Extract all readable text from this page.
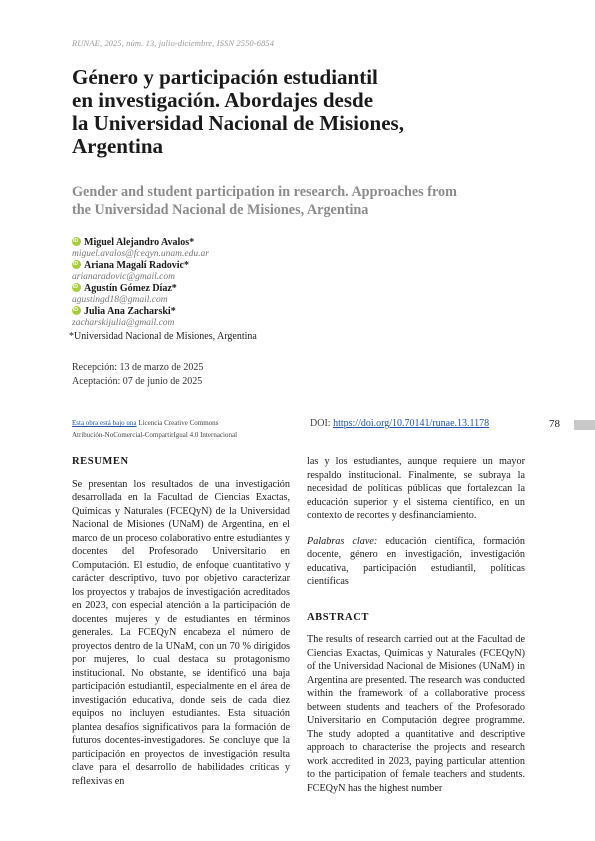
RUNAE, 2025, núm. 13, julio-diciembre, ISSN 2550-6854
Género y participación estudiantil
en investigación. Abordajes desde
la Universidad Nacional de Misiones,
Argentina
Gender and student participation in research. Approaches from
the Universidad Nacional de Misiones, Argentina
iDMiguel Alejandro Avalos*
miguel.avalos@fceqyn.unam.edu.ar
iDAriana Magalí Radovic*
arianaradovic@gmail.com
iDAgustín Gómez Díaz*
agustingd18@gmail.com
iDJulia Ana Zacharski*
zacharskijulia@gmail.com
*Universidad Nacional de Misiones, Argentina
Recepción: 13 de marzo de 2025
Aceptación: 07 de junio de 2025
Esta obra está bajo una Licencia Creative Commons
Atribución-NoComercial-CompartirIgual 4.0 Internacional
DOI: https://doi.org/10.70141/runae.13.1178	78
RESUMEN

Se presentan los resultados de una investigación desarrollada en la Facultad de Ciencias Exactas, Químicas y Naturales (FCEQyN) de la Universidad Nacional de Misiones (UNaM) de Argentina, en el marco de un proceso colaborativo entre estudiantes y docentes del Profesorado Universitario en Computación. El estudio, de enfoque cuantitativo y carácter descriptivo, tuvo por objetivo caracterizar los proyectos y trabajos de investigación acreditados en 2023, con especial atención a la participación de docentes mujeres y de estudiantes en términos generales. La FCEQyN encabeza el número de proyectos dentro de la UNaM, con un 70 % dirigidos por mujeres, lo cual destaca su protagonismo institucional. No obstante, se identificó una baja participación estudiantil, especialmente en el área de investigación educativa, donde seis de cada diez equipos no incluyen estudiantes. Esta situación plantea desafíos significativos para la formación de futuros docentes-investigadores. Se concluye que la participación en proyectos de investigación resulta clave para el desarrollo de habilidades críticas y reflexivas en

las y los estudiantes, aunque requiere un mayor respaldo institucional. Finalmente, se subraya la necesidad de políticas públicas que fortalezcan la educación superior y el sistema científico, en un contexto de recortes y desfinanciamiento.

Palabras clave: educación científica, formación docente, género en investigación, investigación educativa, participación estudiantil, políticas científicas

ABSTRACT

The results of research carried out at the Facultad de Ciencias Exactas, Químicas y Naturales (FCEQyN) of the Universidad Nacional de Misiones (UNaM) in Argentina are presented. The research was conducted within the framework of a collaborative process between students and teachers of the Profesorado Universitario en Computación degree programme. The study adopted a quantitative and descriptive approach to characterise the projects and research work accredited in 2023, paying particular attention to the participation of female teachers and students. FCEQyN has the highest number
